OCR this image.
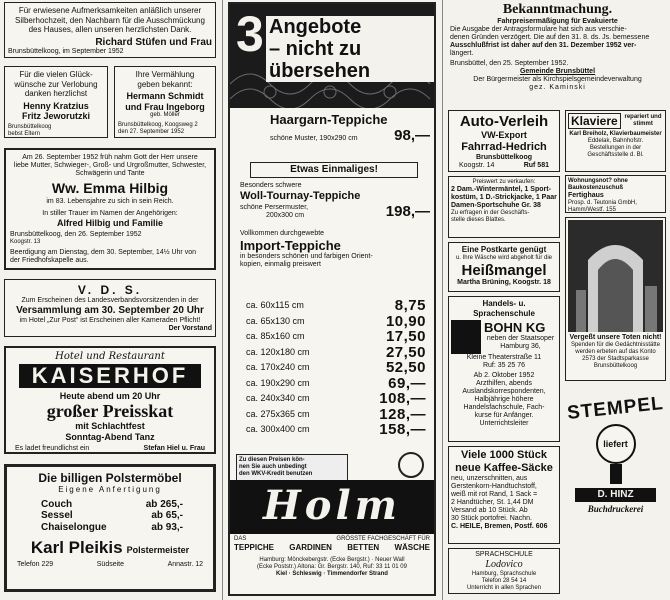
Für erwiesene Aufmerksamkeiten anläßlich unserer
Silberhochzeit, den Nachbarn für die Ausschmückung
des Hauses, allen unseren herzlichsten Dank.
Richard Stüfen und Frau
Brunsbüttelkoog, im September 1952
Für die vielen Glück-
wünsche zur Verlobung
danken herzlichst
Henny Kratzius
Fritz Jeworutzki
Brunsbüttelkoog
bebst Eltern
Ihre Vermählung
geben bekannt:
Hermann Schmidt
und Frau Ingeborg
geb. Möller
Brunsbüttelkoog, Koogsweg 2
den 27. September 1952
Am 26. September 1952 früh nahm Gott der Herr unsere
liebe Mutter, Schwieger-, Groß- und Urgroßmutter, Schwester,
Schwägerin und Tante
Ww. Emma Hilbig
im 83. Lebensjahre zu sich in sein Reich.
In stiller Trauer im Namen der Angehörigen:
Alfred Hilbig und Familie
Brunsbüttelkoog, den 26. September 1952
Koogstr. 13
Beerdigung am Dienstag, dem 30. September, 14½ Uhr von
der Friedhofskapelle aus.
V. D. S.
Zum Erscheinen des Landesverbandsvorsitzenden in der
Versammlung am 30. September 20 Uhr
im Hotel „Zur Post“ ist Erscheinen aller Kameraden Pflicht!
Der Vorstand
Hotel und Restaurant
KAISERHOF
Heute abend um 20 Uhr
großer Preisskat
mit Schlachtfest
Sonntag-Abend Tanz
Es ladet freundlichst ein	Stefan Hiel u. Frau
Die billigen Polstermöbel
Eigene Anfertigung
Couch	ab 265,-
Sessel	ab 65,-
Chaiselongue	ab 93,-
Karl Pleikis Polstermeister
Telefon 229	Südseite	Annastr. 12
3 Angebote
– nicht zu
übersehen
Haargarn-Teppiche
schöne Muster, 190x290 cm 98,—
Etwas Einmaliges!
Besonders schwere
Woll-Tournay-Teppiche
schöne Persermuster,
200x300 cm	198,—
Vollkommen durchgewebte
Import-Teppiche
in besonders schönen und farbigen Orient-
kopien, einmalig preiswert
ca. 60x115 cm	8,75
ca. 65x130 cm	10,90
ca. 85x160 cm	17,50
ca. 120x180 cm	27,50
ca. 170x240 cm	52,50
ca. 190x290 cm	69,—
ca. 240x340 cm	108,—
ca. 275x365 cm	128,—
ca. 300x400 cm	158,—
Zu diesen Preisen kön-
nen Sie auch unbedingt
den WKV-Kredit benutzen
Holm
DAS	GRÖSSTE FACHGESCHÄFT FÜR
TEPPICHE GARDINEN BETTEN WÄSCHE
Hamburg: Mönckebergstr. (Ecke Bergstr.) · Neuer Wall
(Ecke Poststr.) Altona: Gr. Bergstr. 140, Ruf: 33 11 01 09
Kiel · Schleswig · Timmendorfer Strand
Bekanntmachung.
Fahrpreisermäßigung für Evakuierte
Die Ausgabe der Antragsformulare hat sich aus verschie-
denen Gründen verzögert. Die auf den 31. 8. ds. Js. bemessene
Ausschlußfrist ist daher auf den 31. Dezember 1952 ver-
längert.
Brunsbüttel, den 25. September 1952.
Gemeinde Brunsbüttel
Der Bürgermeister als Kirchspielsgemeindeverwaltung
gez. Kaminski
Auto-Verleih
VW-Export
Fahrrad-Hedrich
Brunsbüttelkoog
Koogstr. 14	Ruf 581
Klaviere	repariert und stimmt
Karl Breiholz, Klavierbaumeister
Eddelak, Bahnhofstr.
Bestellungen in der
Geschäftsstelle d. Bl.
Wohnungsnot? ohne Baukostenzuschuß
Fertighaus
Prosp. d. Teutonia GmbH,
Hamm/Westf. 155
Preiswert zu verkaufen:
2 Dam.-Wintermäntel, 1 Sport-
kostüm, 1 D.-Strickjacke, 1 Paar
Damen-Sportschuhe Gr. 38
Zu erfragen in der Geschäfts-
stelle dieses Blattes.
Eine Postkarte genügt
u. Ihre Wäsche wird abgeholt für die
Heißmangel
Martha Brüning, Koogstr. 18
Vergeßt unsere Toten nicht!
Spenden für die Gedächtnisstätte
werden erbeten auf das Konto
2573 der Stadtsparkasse
Brunsbüttelkoog
Handels- u. Sprachenschule
BOHN KG
neben der Staatsoper
Hamburg 36,
Kleine Theaterstraße 11
Ruf: 35 25 76
Ab 2. Oktober 1952
Arzthilfen, abends
Auslandskorrespondenten,
Halbjährige höhere
Handelsfachschule, Fach-
kurse für Anfänger.
Unterrichtsleiter
Viele 1000 Stück
neue Kaffee-Säcke
neu, unzerschnitten, aus
Gerstenkorn-Handtuchstoff,
weiß mit rot Rand, 1 Sack =
2 Handtücher, St. 1,44 DM
Versand ab 10 Stück. Ab
30 Stück portofrei. Nachn.
C. HEILE, Bremen, Postf. 606
STEMPEL
liefert
D. HINZ
Buchdruckerei
SPRACHSCHULE
Lodovico
Hamburg, Sprachschule
Telefon 28 54 14
Unterricht in allen Sprachen
